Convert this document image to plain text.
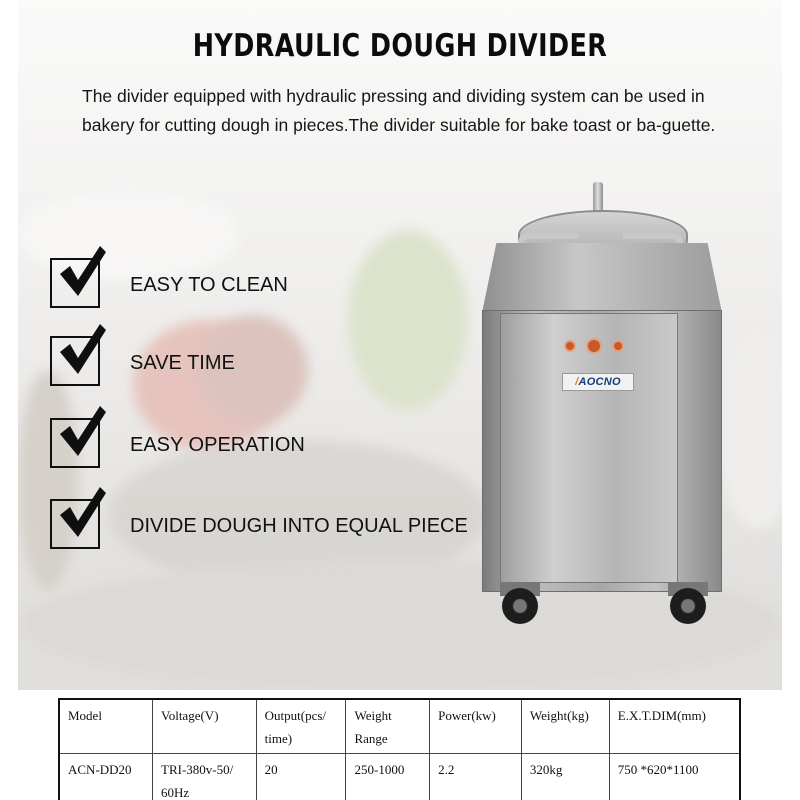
/AOCNO
HYDRAULIC DOUGH DIVIDER

The divider equipped with hydraulic pressing and dividing system can be used in bakery for cutting dough in pieces.The divider suitable for bake toast or ba-guette.

EASY TO CLEAN
SAVE TIME
EASY OPERATION
DIVIDE DOUGH INTO EQUAL PIECE
Model	Voltage(V)	Output(pcs/ time)	Weight Range	Power(kw)	Weight(kg)	E.X.T.DIM(mm)
ACN-DD20	TRI-380v-50/ 60Hz	20	250-1000	2.2	320kg	750 *620*1100
